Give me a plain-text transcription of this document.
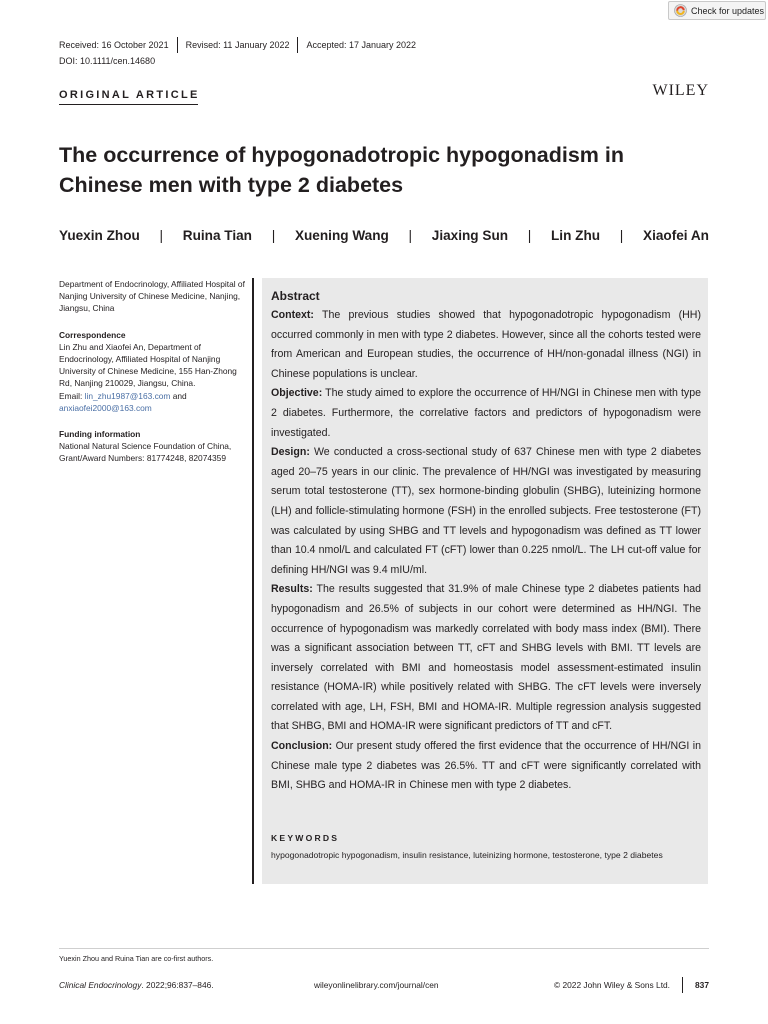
Check for updates
Received: 16 October 2021	Revised: 11 January 2022	Accepted: 17 January 2022
DOI: 10.1111/cen.14680
ORIGINAL ARTICLE	WILEY
The occurrence of hypogonadotropic hypogonadism in Chinese men with type 2 diabetes
Yuexin Zhou | Ruina Tian | Xuening Wang | Jiaxing Sun | Lin Zhu | Xiaofei An
Department of Endocrinology, Affiliated Hospital of Nanjing University of Chinese Medicine, Nanjing, Jiangsu, China
Correspondence
Lin Zhu and Xiaofei An, Department of Endocrinology, Affiliated Hospital of Nanjing University of Chinese Medicine, 155 Han-Zhong Rd, Nanjing 210029, Jiangsu, China.
Email: lin_zhu1987@163.com and
anxiaofei2000@163.com
Funding information
National Natural Science Foundation of China, Grant/Award Numbers: 81774248, 82074359
Abstract

Context: The previous studies showed that hypogonadotropic hypogonadism (HH) occurred commonly in men with type 2 diabetes. However, since all the cohorts tested were from American and European studies, the occurrence of HH/non-gonadal illness (NGI) in Chinese populations is unclear.

Objective: The study aimed to explore the occurrence of HH/NGI in Chinese men with type 2 diabetes. Furthermore, the correlative factors and predictors of hypogonadism were investigated.

Design: We conducted a cross-sectional study of 637 Chinese men with type 2 diabetes aged 20–75 years in our clinic. The prevalence of HH/NGI was investigated by measuring serum total testosterone (TT), sex hormone-binding globulin (SHBG), luteinizing hormone (LH) and follicle-stimulating hormone (FSH) in the enrolled subjects. Free testosterone (FT) was calculated by using SHBG and TT levels and hypogonadism was defined as TT lower than 10.4 nmol/L and calculated FT (cFT) lower than 0.225 nmol/L. The LH cut-off value for defining HH/NGI was 9.4 mIU/ml.

Results: The results suggested that 31.9% of male Chinese type 2 diabetes patients had hypogonadism and 26.5% of subjects in our cohort were determined as HH/NGI. The occurrence of hypogonadism was markedly correlated with body mass index (BMI). There was a significant association between TT, cFT and SHBG levels with BMI. TT levels are inversely correlated with BMI and homeostasis model assessment-estimated insulin resistance (HOMA-IR) while positively related with SHBG. The cFT levels were inversely correlated with age, LH, FSH, BMI and HOMA-IR. Multiple regression analysis suggested that SHBG, BMI and HOMA-IR were significant predictors of TT and cFT.

Conclusion: Our present study offered the first evidence that the occurrence of HH/NGI in Chinese male type 2 diabetes was 26.5%. TT and cFT were significantly correlated with BMI, SHBG and HOMA-IR in Chinese men with type 2 diabetes.

KEYWORDS
hypogonadotropic hypogonadism, insulin resistance, luteinizing hormone, testosterone, type 2 diabetes
Yuexin Zhou and Ruina Tian are co-first authors.
Clinical Endocrinology. 2022;96:837–846.	wileyonlinelibrary.com/journal/cen	© 2022 John Wiley & Sons Ltd.	837
